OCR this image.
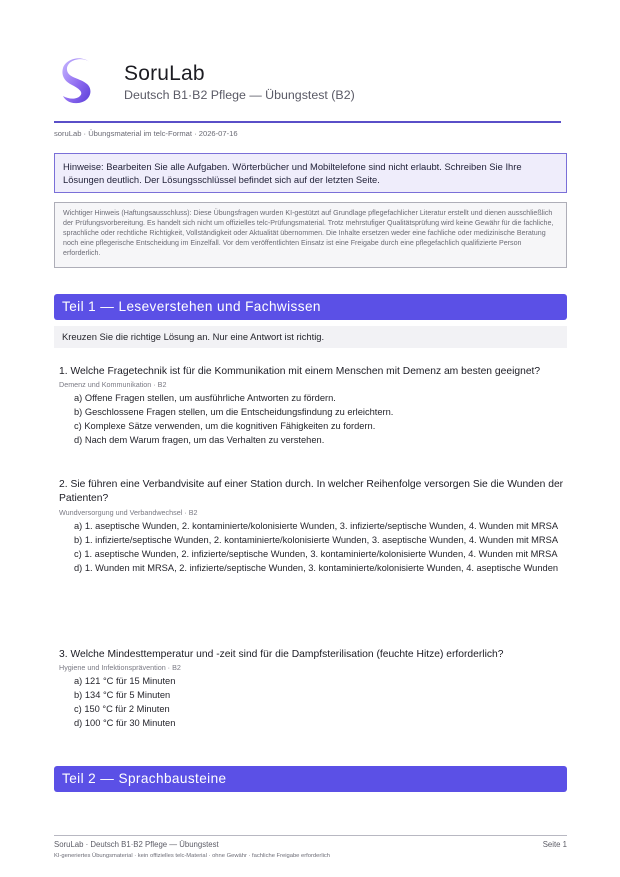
SoruLab
Deutsch B1·B2 Pflege — Übungstest (B2)
soruLab · Übungsmaterial im telc-Format · 2026-07-16
Hinweise: Bearbeiten Sie alle Aufgaben. Wörterbücher und Mobiltelefone sind nicht erlaubt. Schreiben Sie Ihre Lösungen deutlich. Der Lösungsschlüssel befindet sich auf der letzten Seite.
Wichtiger Hinweis (Haftungsausschluss): Diese Übungsfragen wurden KI-gestützt auf Grundlage pflegefachlicher Literatur erstellt und dienen ausschließlich der Prüfungsvorbereitung. Es handelt sich nicht um offizielles telc-Prüfungsmaterial. Trotz mehrstufiger Qualitätsprüfung wird keine Gewähr für die fachliche, sprachliche oder rechtliche Richtigkeit, Vollständigkeit oder Aktualität übernommen. Die Inhalte ersetzen weder eine fachliche oder medizinische Beratung noch eine pflegerische Entscheidung im Einzelfall. Vor dem veröffentlichten Einsatz ist eine Freigabe durch eine pflegefachlich qualifizierte Person erforderlich.
Teil 1 — Leseverstehen und Fachwissen
Kreuzen Sie die richtige Lösung an. Nur eine Antwort ist richtig.
1. Welche Fragetechnik ist für die Kommunikation mit einem Menschen mit Demenz am besten geeignet?
Demenz und Kommunikation · B2
a) Offene Fragen stellen, um ausführliche Antworten zu fördern.
b) Geschlossene Fragen stellen, um die Entscheidungsfindung zu erleichtern.
c) Komplexe Sätze verwenden, um die kognitiven Fähigkeiten zu fordern.
d) Nach dem Warum fragen, um das Verhalten zu verstehen.
2. Sie führen eine Verbandvisite auf einer Station durch. In welcher Reihenfolge versorgen Sie die Wunden der Patienten?
Wundversorgung und Verbandwechsel · B2
a) 1. aseptische Wunden, 2. kontaminierte/kolonisierte Wunden, 3. infizierte/septische Wunden, 4. Wunden mit MRSA
b) 1. infizierte/septische Wunden, 2. kontaminierte/kolonisierte Wunden, 3. aseptische Wunden, 4. Wunden mit MRSA
c) 1. aseptische Wunden, 2. infizierte/septische Wunden, 3. kontaminierte/kolonisierte Wunden, 4. Wunden mit MRSA
d) 1. Wunden mit MRSA, 2. infizierte/septische Wunden, 3. kontaminierte/kolonisierte Wunden, 4. aseptische Wunden
3. Welche Mindesttemperatur und -zeit sind für die Dampfsterilisation (feuchte Hitze) erforderlich?
Hygiene und Infektionsprävention · B2
a) 121 °C für 15 Minuten
b) 134 °C für 5 Minuten
c) 150 °C für 2 Minuten
d) 100 °C für 30 Minuten
Teil 2 — Sprachbausteine
SoruLab · Deutsch B1·B2 Pflege — Übungstest	Seite 1
KI-generiertes Übungsmaterial · kein offizielles telc-Material · ohne Gewähr · fachliche Freigabe erforderlich
